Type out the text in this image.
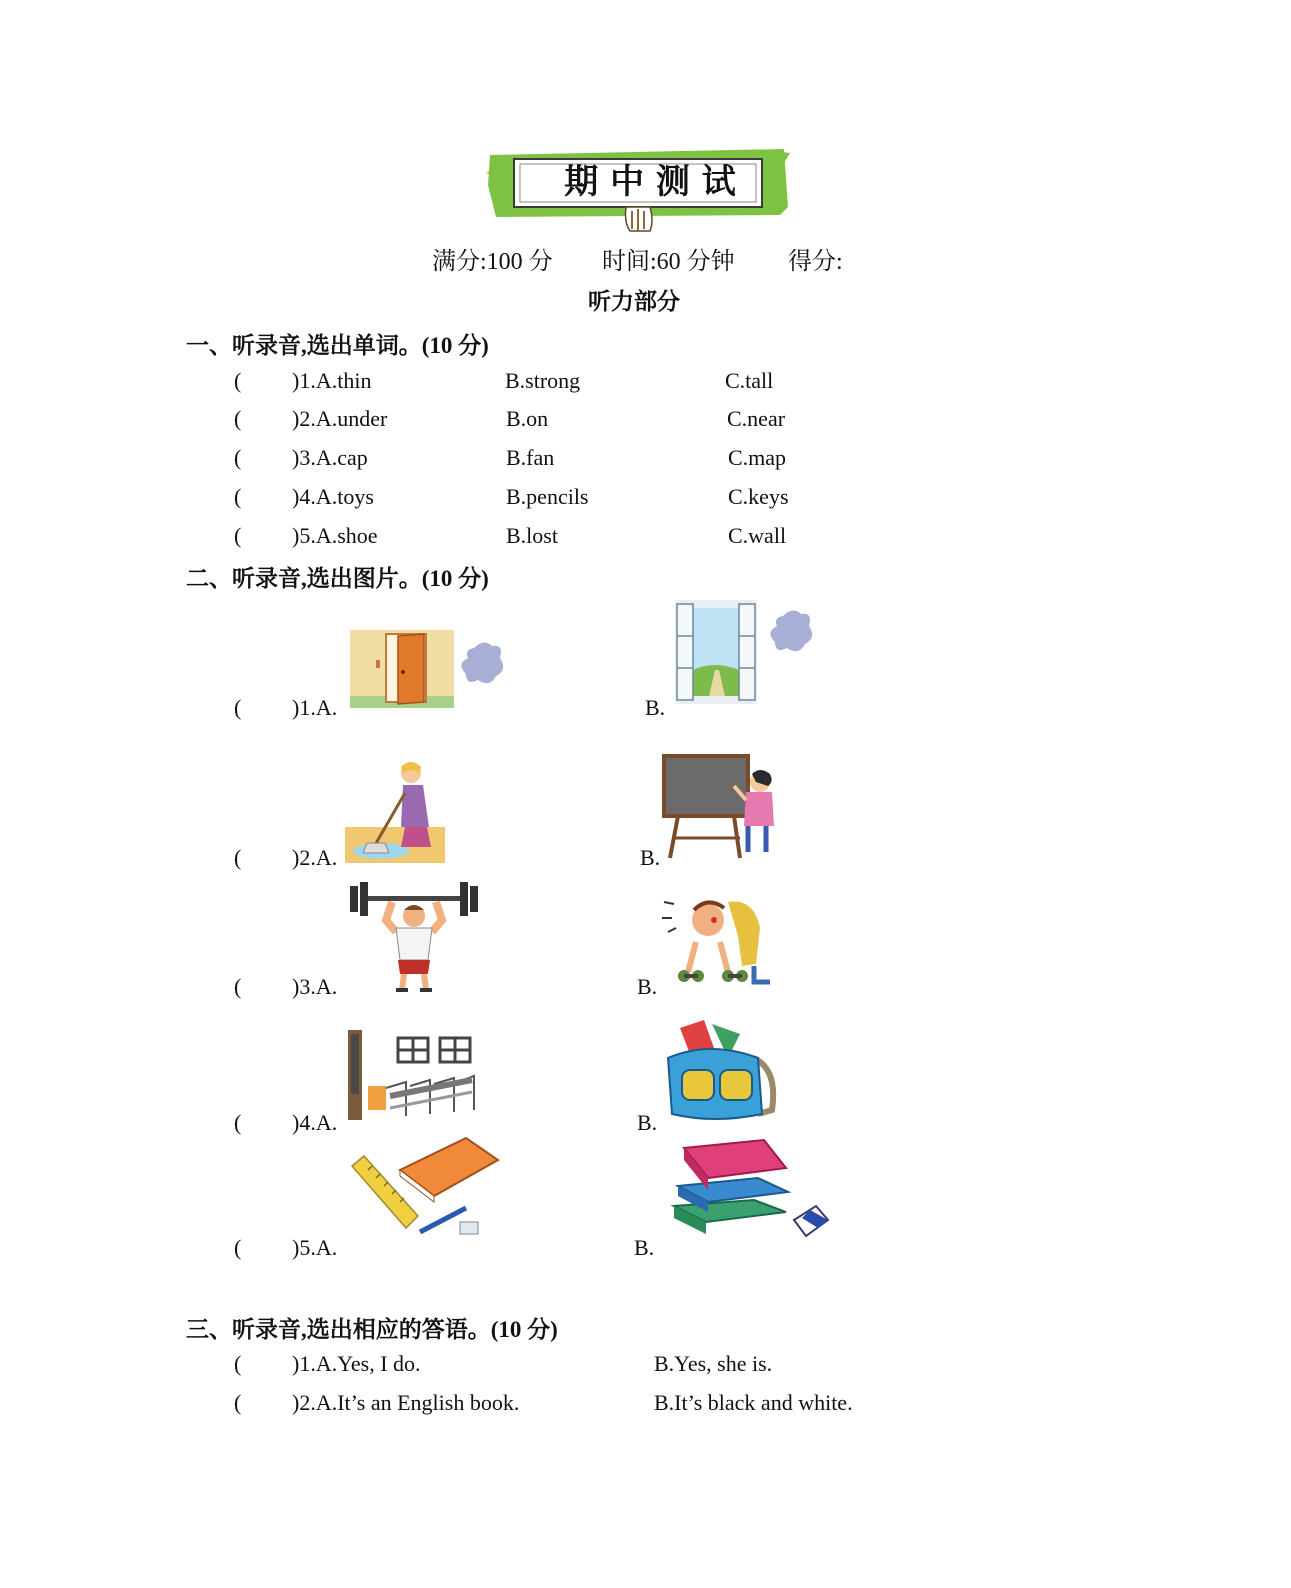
期 中 测 试
满分:100 分 时间:60 分钟 得分:
听力部分
一、听录音,选出单词。(10 分)
( )1.A.thin	B.strong	C.tall
( )2.A.under	B.on	C.near
( )3.A.cap	B.fan	C.map
( )4.A.toys	B.pencils	C.keys
( )5.A.shoe	B.lost	C.wall
二、听录音,选出图片。(10 分)
( )1.A.	B.
( )2.A.	B.
( )3.A.	B.
( )4.A.	B.
( )5.A.	B.
三、听录音,选出相应的答语。(10 分)
( )1.A.Yes, I do.	B.Yes, she is.
( )2.A.It’s an English book.	B.It’s black and white.
